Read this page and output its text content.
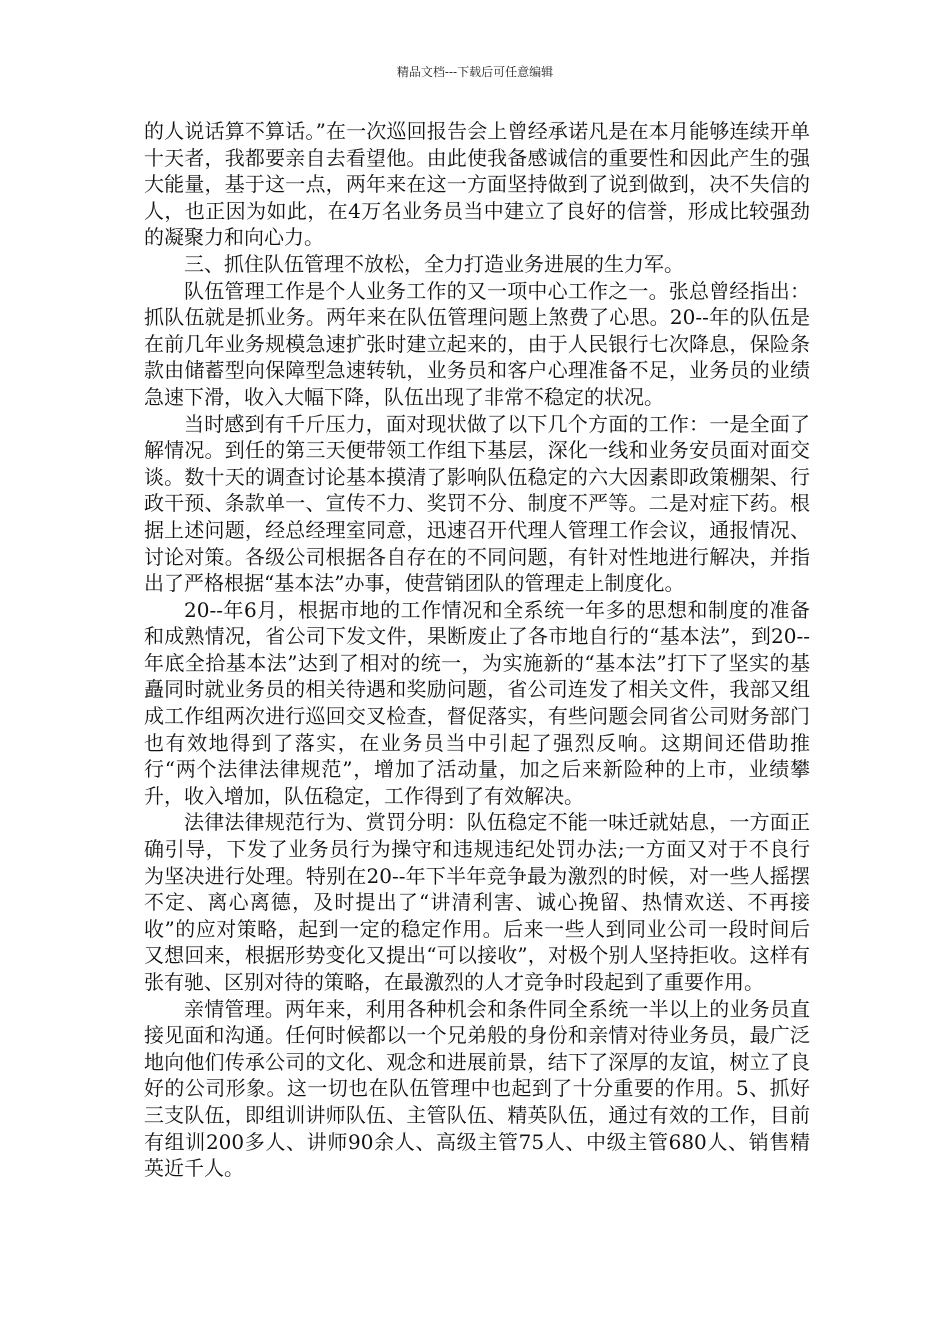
精品文档---下载后可任意编辑

的人说话算不算话。”在一次巡回报告会上曾经承诺凡是在本月能够连续开单十天者，我都要亲自去看望他。由此使我备感诚信的重要性和因此产生的强大能量，基于这一点，两年来在这一方面坚持做到了说到做到，决不失信的人，也正因为如此，在4万名业务员当中建立了良好的信誉，形成比较强劲的凝聚力和向心力。

三、抓住队伍管理不放松，全力打造业务进展的生力军。

队伍管理工作是个人业务工作的又一项中心工作之一。张总曾经指出：抓队伍就是抓业务。两年来在队伍管理问题上煞费了心思。20--年的队伍是在前几年业务规模急速扩张时建立起来的，由于人民银行七次降息，保险条款由储蓄型向保障型急速转轨，业务员和客户心理准备不足，业务员的业绩急速下滑，收入大幅下降，队伍出现了非常不稳定的状况。

当时感到有千斤压力，面对现状做了以下几个方面的工作：一是全面了解情况。到任的第三天便带领工作组下基层，深化一线和业务安员面对面交谈。数十天的调查讨论基本摸清了影响队伍稳定的六大因素即政策棚架、行政干预、条款单一、宣传不力、奖罚不分、制度不严等。二是对症下药。根据上述问题，经总经理室同意，迅速召开代理人管理工作会议，通报情况、讨论对策。各级公司根据各自存在的不同问题，有针对性地进行解决，并指出了严格根据“基本法”办事，使营销团队的管理走上制度化。

20--年6月，根据市地的工作情况和全系统一年多的思想和制度的准备和成熟情况，省公司下发文件，果断废止了各市地自行的“基本法”，到20--年底全拾基本法”达到了相对的统一，为实施新的“基本法”打下了坚实的基矗同时就业务员的相关待遇和奖励问题，省公司连发了相关文件，我部又组成工作组两次进行巡回交叉检查，督促落实，有些问题会同省公司财务部门也有效地得到了落实，在业务员当中引起了强烈反响。这期间还借助推行“两个法律法律规范”，增加了活动量，加之后来新险种的上市，业绩攀升，收入增加，队伍稳定，工作得到了有效解决。

法律法律规范行为、赏罚分明：队伍稳定不能一味迁就姑息，一方面正确引导，下发了业务员行为操守和违规违纪处罚办法;一方面又对于不良行为坚决进行处理。特别在20--年下半年竞争最为激烈的时候，对一些人摇摆不定、离心离德，及时提出了“讲清利害、诚心挽留、热情欢送、不再接收”的应对策略，起到一定的稳定作用。后来一些人到同业公司一段时间后又想回来，根据形势变化又提出“可以接收”，对极个别人坚持拒收。这样有张有驰、区别对待的策略，在最激烈的人才竞争时段起到了重要作用。

亲情管理。两年来，利用各种机会和条件同全系统一半以上的业务员直接见面和沟通。任何时候都以一个兄弟般的身份和亲情对待业务员，最广泛地向他们传承公司的文化、观念和进展前景，结下了深厚的友谊，树立了良好的公司形象。这一切也在队伍管理中也起到了十分重要的作用。5、抓好三支队伍，即组训讲师队伍、主管队伍、精英队伍，通过有效的工作，目前有组训200多人、讲师90余人、高级主管75人、中级主管680人、销售精英近千人。
